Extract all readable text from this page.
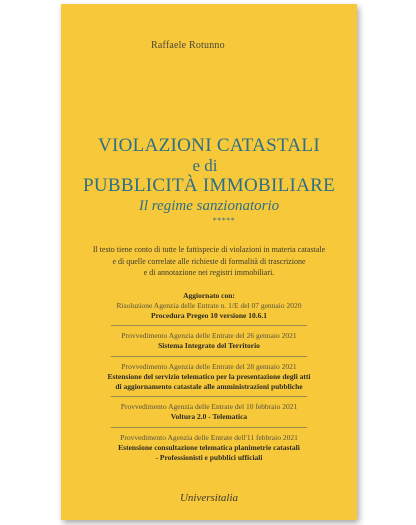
Raffaele Rotunno
VIOLAZIONI CATASTALI
e di
PUBBLICITÀ IMMOBILIARE
Il regime sanzionatorio
*****
Il testo tiene conto di tutte le fattispecie di violazioni in materia catastale
e di quelle correlate alle richieste di formalità di trascrizione
e di annotazione nei registri immobiliari.
Aggiornato con:
Risoluzione Agenzia delle Entrate n. 1/E del 07 gennaio 2020
Procedura Pregeo 10 versione 10.6.1
Provvedimento Agenzia delle Entrate del 26 gennaio 2021
Sistema Integrato del Territorio
Provvedimento Agenzia delle Entrate del 28 gennaio 2021
Estensione del servizio telematico per la presentazione degli atti
di aggiornamento catastale alle amministrazioni pubbliche
Provvedimento Agenzia delle Entrate del 10 febbraio 2021
Voltura 2.0 - Telematica
Provvedimento Agenzia delle Entrate dell'11 febbraio 2021
Estensione consultazione telematica planimetrie catastali
- Professionisti e pubblici ufficiali
Universitalia
